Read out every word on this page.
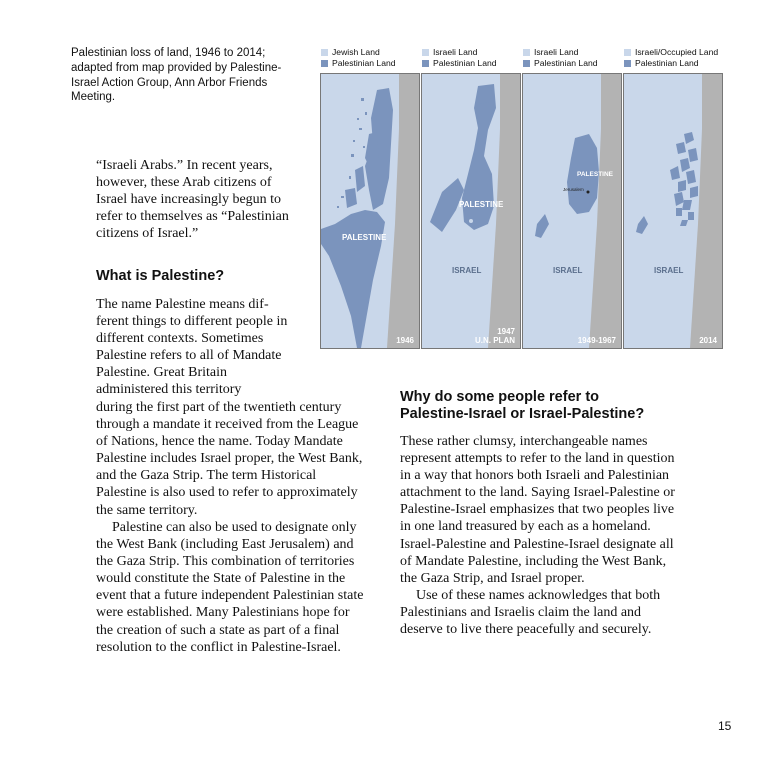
Palestinian loss of land, 1946 to 2014; adapted from map provided by Palestine-Israel Action Group, Ann Arbor Friends Meeting.
Jewish Land
Palestinian Land
Israeli Land
Palestinian Land
Israeli Land
Palestinian Land
Israeli/Occupied Land
Palestinian Land
PALESTINE
1946
PALESTINE
ISRAEL
1947
U.N. PLAN
PALESTINE
Jerusalem
ISRAEL
1949-1967
ISRAEL
2014

“Israeli Arabs.” In recent years, however, these Arab citizens of Israel have increasingly begun to refer to themselves as “Palestinian citizens of Israel.”

What is Palestine?

The name Palestine means different things to different people in different contexts. Sometimes Palestine refers to all of Mandate Palestine. Great Britain administered this territory

during the first part of the twentieth century through a mandate it received from the League of Nations, hence the name. Today Mandate Palestine includes Israel proper, the West Bank, and the Gaza Strip. The term Historical Palestine is also used to refer to approximately the same territory.

Palestine can also be used to designate only the West Bank (including East Jerusalem) and the Gaza Strip. This combination of territories would constitute the State of Palestine in the event that a future independent Palestinian state were established. Many Palestinians hope for the creation of such a state as part of a final resolution to the conflict in Palestine-Israel.

Why do some people refer to Palestine-Israel or Israel-Palestine?

These rather clumsy, interchangeable names represent attempts to refer to the land in question in a way that honors both Israeli and Palestinian attachment to the land. Saying Israel-Palestine or Palestine-Israel emphasizes that two peoples live in one land treasured by each as a homeland. Israel-Palestine and Palestine-Israel designate all of Mandate Palestine, including the West Bank, the Gaza Strip, and Israel proper.

Use of these names acknowledges that both Palestinians and Israelis claim the land and deserve to live there peacefully and securely.

15
